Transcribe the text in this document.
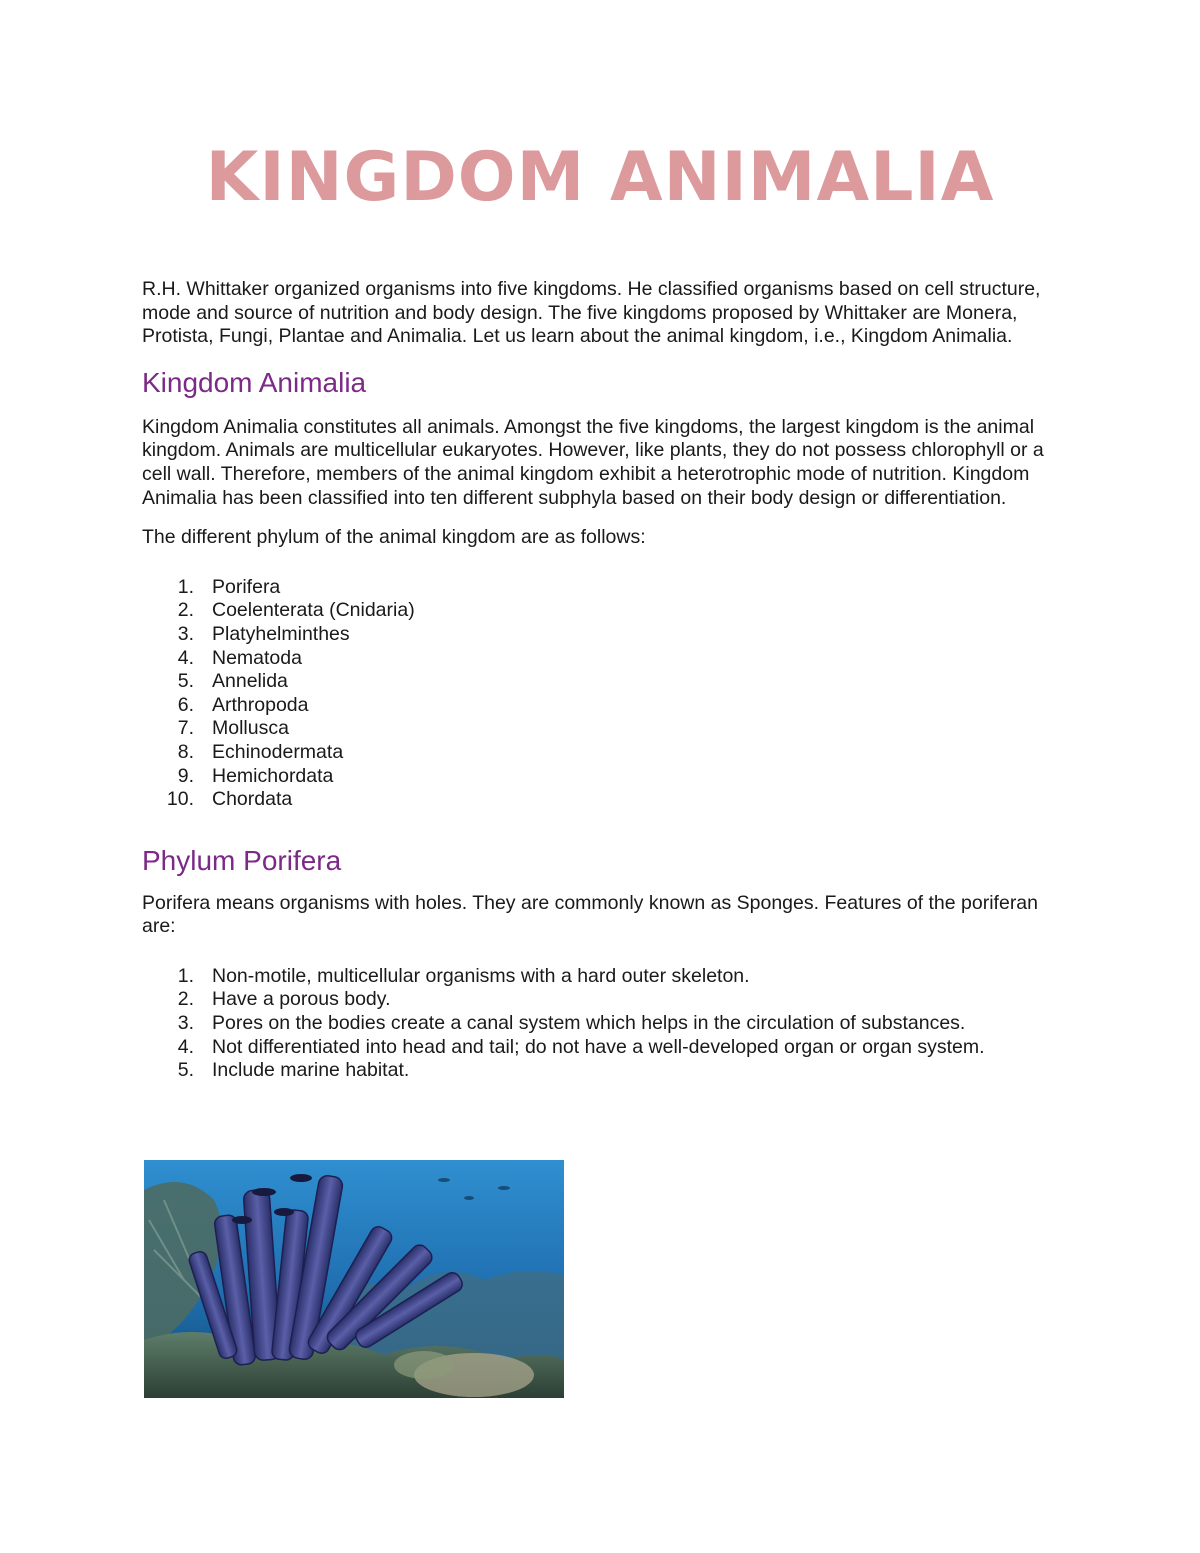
KINGDOM ANIMALIA

R.H. Whittaker organized organisms into five kingdoms. He classified organisms based on cell structure, mode and source of nutrition and body design. The five kingdoms proposed by Whittaker are Monera, Protista, Fungi, Plantae and Animalia. Let us learn about the animal kingdom, i.e., Kingdom Animalia.

Kingdom Animalia

Kingdom Animalia constitutes all animals. Amongst the five kingdoms, the largest kingdom is the animal kingdom. Animals are multicellular eukaryotes. However, like plants, they do not possess chlorophyll or a cell wall. Therefore, members of the animal kingdom exhibit a heterotrophic mode of nutrition. Kingdom Animalia has been classified into ten different subphyla based on their body design or differentiation.

The different phylum of the animal kingdom are as follows:

1. Porifera
2. Coelenterata (Cnidaria)
3. Platyhelminthes
4. Nematoda
5. Annelida
6. Arthropoda
7. Mollusca
8. Echinodermata
9. Hemichordata
10. Chordata
Phylum Porifera

Porifera means organisms with holes. They are commonly known as Sponges. Features of the poriferan are:

1. Non-motile, multicellular organisms with a hard outer skeleton.
2. Have a porous body.
3. Pores on the bodies create a canal system which helps in the circulation of substances.
4. Not differentiated into head and tail; do not have a well-developed organ or organ system.
5. Include marine habitat.
